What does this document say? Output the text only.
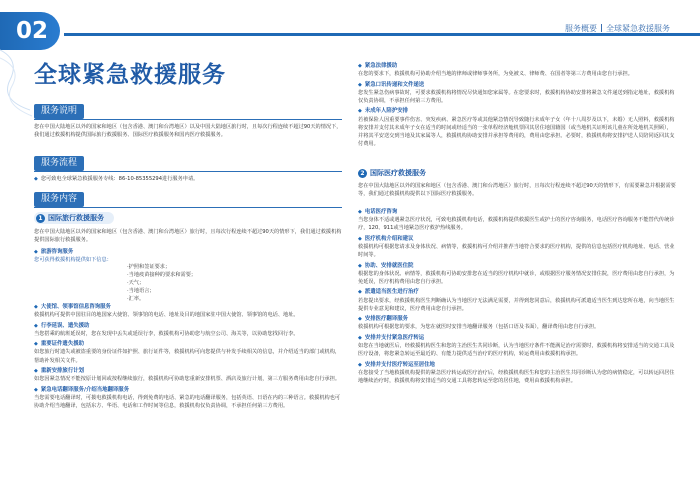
02	服务概要 全球紧急救援服务
全球紧急救援服务
服务说明
您在中国大陆地区以外的国家和地区（包含香港、澳门和台湾地区）以及中国大陆地区旅行时，且每次行程连续不超过90天的情况下，我们通过救援机构提供国际旅行救援服务、国际医疗救援服务和国内医疗救援服务。
服务流程
◆ 您可致电全球紧急救援服务专线：86-10-85355294进行服务申请。
服务内容
1 国际旅行救援服务
您在中国大陆地区以外的国家和地区（包含香港、澳门和台湾地区）旅行时，且每次行程连续不超过90天的情形下，我们通过救援机构提供国际旅行救援服务。
◆ 旅游咨询服务
您可获得救援机构提供如下信息：
·护照和签证要求；
·当地疫苗接种的要求和需要；
·天气；
·当地语言；
·汇率。
◆ 大使馆、领事馆信息咨询服务
救援机构可提供中国驻目的地国家大使馆、领事馆的电话、地址及目的地国家驻中国大使馆、领事馆的电话、地址。
◆ 行李延误、遗失援助
当您搭乘的航班延误时，您在发现中丢失或延误行李，救援机构可协助您与航空公司、海关等，以协助您找回行李。
◆ 重要证件遗失援助
如您旅行时遗失或被盗重要的身份证件如护照、旅行证件等，救援机构可向您提供与补发手续相关的信息，并介绍适当的部门或机构，帮助补发相关文件。
◆ 重新安排旅行计划
如您因紧急情况不能按原计划回或按程继续旅行，救援机构可协助您重新安排机票、酒店及旅行计划，第三方服务费用由您自行承担。
◆ 紧急电话翻译服务/介绍当地翻译服务
当您需要电话翻译时，可拨电救援机构电话，得到免费的电话、紧急的电话翻译服务，包括英语、日语在内的三种语言。救援机构也可协助介绍当地翻译，包括东方、华语、电话和工作时间等信息，救援机构仅负责协调，不承担任何第三方费用。
◆ 紧急法律援助
在您的要求下，救援机构可协助介绍当地的律师或律师事务所，为免被义、律师费、在国者等第三方费用由您自行承担。
◆ 紧急口讯传递和文件递送
您发生紧急伤病事故时，可要求救援机构将情况尽快通知您家属等。在您要求时，救援机构协助安排将紧急文件递送到指定地址，救援机构仅负责协调，不承担任何第三方费用。
◆ 未成年人陪护安排
若被保险人因重要事件伤害、突发疾病、紧急医疗等或其他紧急情况导致随行未成年子女（年十八周岁及以下，未婚）无人照料，救援机构将安排并支付其未成年子女在适当的时间或经适当的一张单程经济舱机票回其居住地国籍国（或当地机关证明该儿童在所处地机关照顾），并将其平安送交到当地及其家属等人，救援机构协助安排并承担等费用的，费用由您承担。必要时，救援机构将安排护送人员陪同返回其支付费用。
2 国际医疗救援服务
您在中国大陆地区以外的国家和地区（包含香港、澳门和台湾地区）旅行时，且每次行程连续不超过90天的情形下，有需要紧急并根据需要等，我们通过救援机构提供以下国际医疗救援服务。
◆ 电话医疗咨询
当您身体不适或遇紧急医疗状况，可致电救援机构电话，救援机构提供救援医生或护士的医疗咨询服务，电话医疗咨询服务不能替代传统诊疗，120、911或当地紧急医疗救护热线服务。
◆ 医疗机构介绍和建议
救援机构可根据您请求及身体状况、病情等，救援机构可介绍并推荐当地符合要求的医疗机构，提供的信息包括医疗机构地址、电话、营业时间等。
◆ 协助、安排就医住院
根据您的身体状况、病情等，救援机构可协助安排您在适当的医疗机构中就诊，或根据医疗服务情况安排住院，医疗费用由您自行承担，为免延误，医疗机构费用由您自行承担。
◆ 派遣适当医生进行治疗
若您提出要求，经救援机构医生判断确认为当地医疗无法满足需要，并得到您同意后，救援机构可派遣适当医生到达您所在地，向当地医生提供专业意见和建议，医疗费用由您自行承担。
◆ 安排医疗翻译服务
救援机构可根据您的要求，为您在就医时安排当地翻译服务（包括口语及书面），翻译费用由您自行承担。
◆ 安排并支付紧急医疗转运
如您在当地就医后，经救援机构医生和您的主治医生共同诊断，认为当地医疗条件不能满足治疗需要时，救援机构将安排适当的交通工具及医疗设备，将您紧急转运至最近的、有能力提供适当治疗的医疗机构，转运费用由救援机构承担。
◆ 安排并支付医疗转运至居住地
在您接受了当地救援机构提供的紧急医疗转运或医疗治疗后，经救援机构医生和您的主治医生共同诊断认为您的病情稳定，可以转运回居住地继续治疗时，救援机构将安排适当的交通工具将您转运至您的居住地，费用由救援机构承担。
